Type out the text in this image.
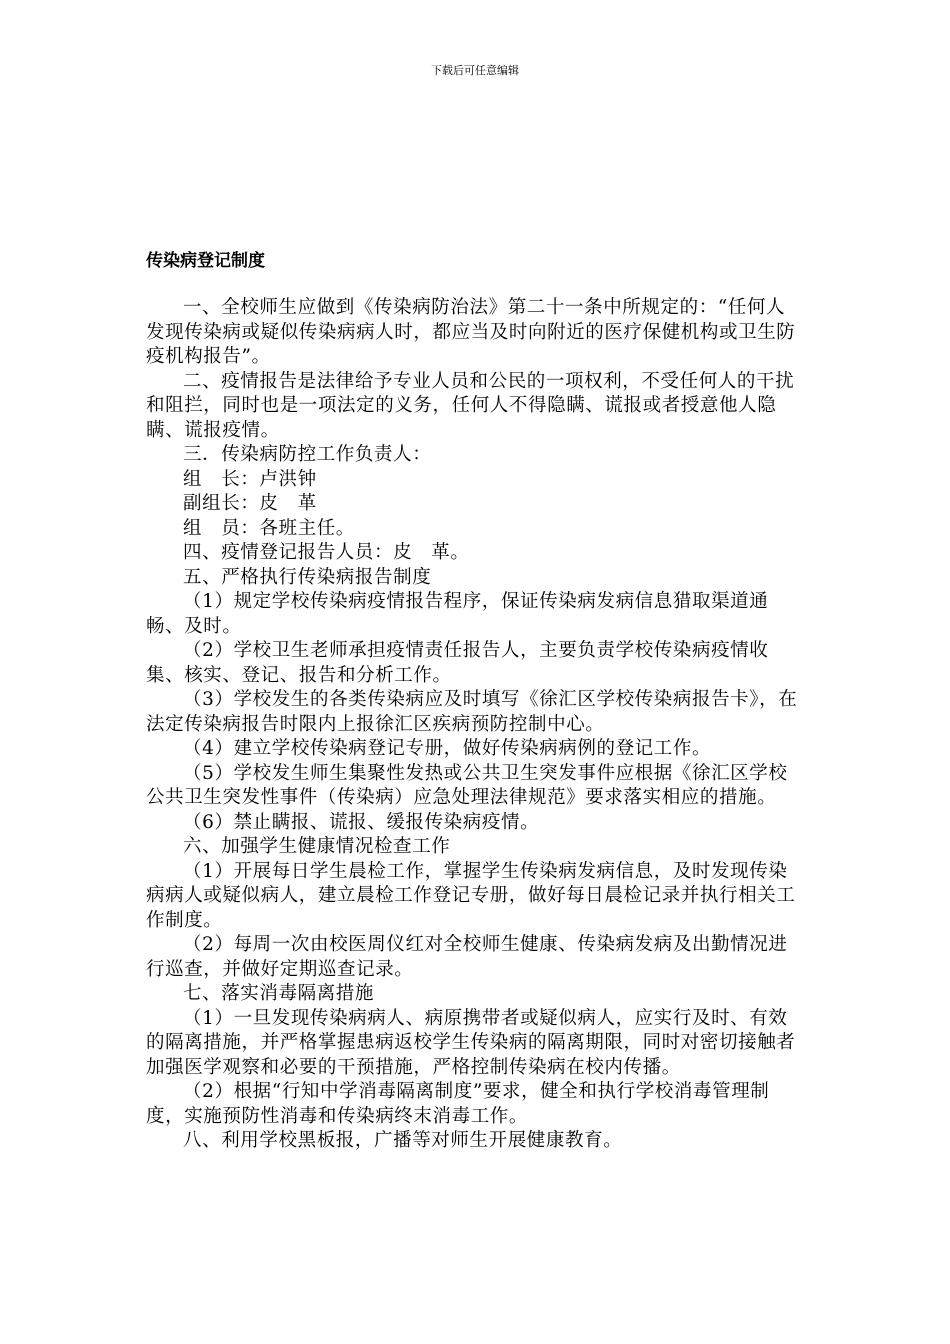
下载后可任意编辑
传染病登记制度

一、全校师生应做到《传染病防治法》第二十一条中所规定的：“任何人发现传染病或疑似传染病病人时，都应当及时向附近的医疗保健机构或卫生防疫机构报告”。

二、疫情报告是法律给予专业人员和公民的一项权利，不受任何人的干扰和阻拦，同时也是一项法定的义务，任何人不得隐瞒、谎报或者授意他人隐瞒、谎报疫情。

三．传染病防控工作负责人：

组　长：卢洪钟

副组长：皮　革

组　员：各班主任。

四、疫情登记报告人员：皮　革。

五、严格执行传染病报告制度

（1）规定学校传染病疫情报告程序，保证传染病发病信息猎取渠道通畅、及时。

（2）学校卫生老师承担疫情责任报告人，主要负责学校传染病疫情收集、核实、登记、报告和分析工作。

（3）学校发生的各类传染病应及时填写《徐汇区学校传染病报告卡》，在法定传染病报告时限内上报徐汇区疾病预防控制中心。

（4）建立学校传染病登记专册，做好传染病病例的登记工作。

（5）学校发生师生集聚性发热或公共卫生突发事件应根据《徐汇区学校公共卫生突发性事件（传染病）应急处理法律规范》要求落实相应的措施。

（6）禁止瞒报、谎报、缓报传染病疫情。

六、加强学生健康情况检查工作

（1）开展每日学生晨检工作，掌握学生传染病发病信息，及时发现传染病病人或疑似病人，建立晨检工作登记专册，做好每日晨检记录并执行相关工作制度。

（2）每周一次由校医周仪红对全校师生健康、传染病发病及出勤情况进行巡查，并做好定期巡查记录。

七、落实消毒隔离措施

（1）一旦发现传染病病人、病原携带者或疑似病人，应实行及时、有效的隔离措施，并严格掌握患病返校学生传染病的隔离期限，同时对密切接触者加强医学观察和必要的干预措施，严格控制传染病在校内传播。

（2）根据“行知中学消毒隔离制度”要求，健全和执行学校消毒管理制度，实施预防性消毒和传染病终末消毒工作。

八、利用学校黑板报，广播等对师生开展健康教育。
